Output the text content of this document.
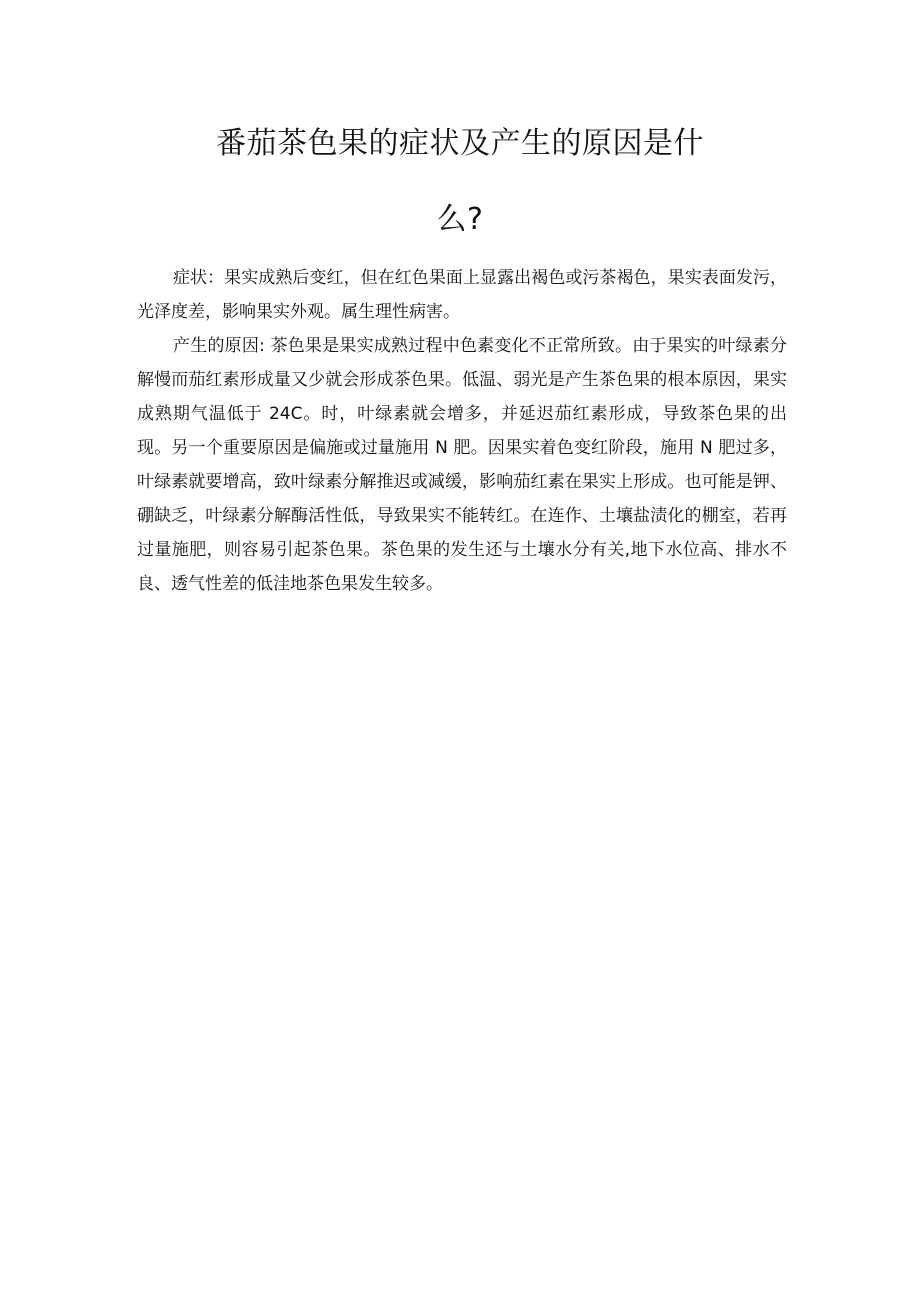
番茄茶色果的症状及产生的原因是什
么?

症状：果实成熟后变红，但在红色果面上显露出褐色或污茶褐色，果实表面发污，光泽度差，影响果实外观。属生理性病害。

产生的原因: 茶色果是果实成熟过程中色素变化不正常所致。由于果实的叶绿素分解慢而茄红素形成量又少就会形成茶色果。低温、弱光是产生茶色果的根本原因，果实成熟期气温低于 24C。时，叶绿素就会增多，并延迟茄红素形成，导致茶色果的出现。另一个重要原因是偏施或过量施用 N 肥。因果实着色变红阶段，施用 N 肥过多，叶绿素就要增高，致叶绿素分解推迟或减缓，影响茄红素在果实上形成。也可能是钾、硼缺乏，叶绿素分解酶活性低，导致果实不能转红。在连作、土壤盐渍化的棚室，若再过量施肥，则容易引起茶色果。茶色果的发生还与土壤水分有关,地下水位高、排水不良、透气性差的低洼地茶色果发生较多。
